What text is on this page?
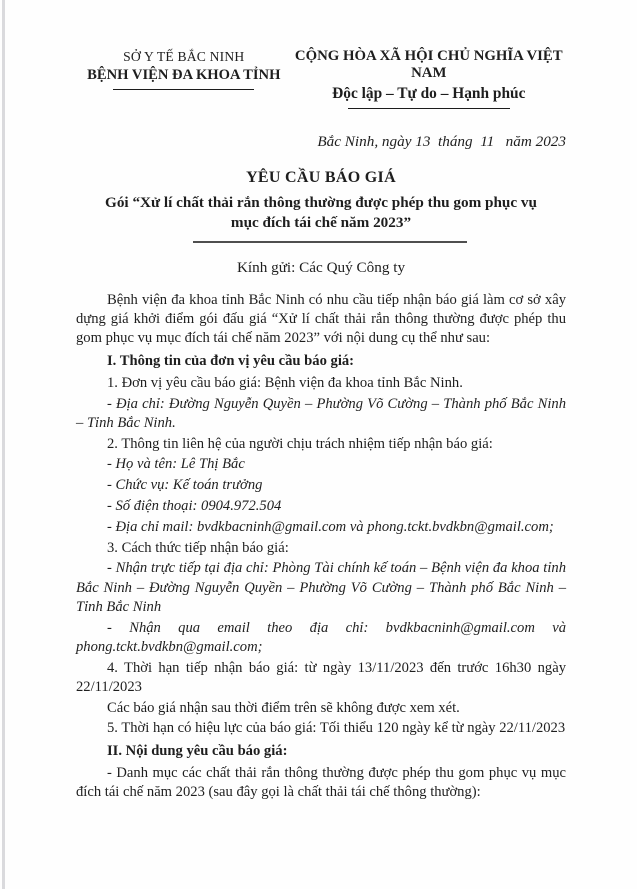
SỞ Y TẾ BẮC NINH
BỆNH VIỆN ĐA KHOA TỈNH
CỘNG HÒA XÃ HỘI CHỦ NGHĨA VIỆT NAM
Độc lập – Tự do – Hạnh phúc
Bắc Ninh, ngày 13  tháng  11   năm 2023
YÊU CẦU BÁO GIÁ
Gói “Xử lí chất thải rắn thông thường được phép thu gom phục vụ mục đích tái chế năm 2023”
Kính gửi: Các Quý Công ty

Bệnh viện đa khoa tỉnh Bắc Ninh có nhu cầu tiếp nhận báo giá làm cơ sở xây dựng giá khởi điểm gói đấu giá “Xử lí chất thải rắn thông thường được phép thu gom phục vụ mục đích tái chế năm 2023” với nội dung cụ thể như sau:

I. Thông tin của đơn vị yêu cầu báo giá:

1. Đơn vị yêu cầu báo giá: Bệnh viện đa khoa tỉnh Bắc Ninh.

- Địa chỉ: Đường Nguyễn Quyền – Phường Võ Cường – Thành phố Bắc Ninh – Tỉnh Bắc Ninh.

2. Thông tin liên hệ của người chịu trách nhiệm tiếp nhận báo giá:

- Họ và tên: Lê Thị Bắc

- Chức vụ: Kế toán trưởng

- Số điện thoại: 0904.972.504

- Địa chỉ mail: bvdkbacninh@gmail.com và phong.tckt.bvdkbn@gmail.com;

3. Cách thức tiếp nhận báo giá:

- Nhận trực tiếp tại địa chỉ: Phòng Tài chính kế toán – Bệnh viện đa khoa tỉnh Bắc Ninh – Đường Nguyễn Quyền – Phường Võ Cường – Thành phố Bắc Ninh – Tỉnh Bắc Ninh

- Nhận qua email theo địa chỉ: bvdkbacninh@gmail.com và phong.tckt.bvdkbn@gmail.com;

4. Thời hạn tiếp nhận báo giá: từ ngày 13/11/2023 đến trước 16h30 ngày 22/11/2023

Các báo giá nhận sau thời điểm trên sẽ không được xem xét.

5. Thời hạn có hiệu lực của báo giá: Tối thiểu 120 ngày kể từ ngày 22/11/2023

II. Nội dung yêu cầu báo giá:

- Danh mục các chất thải rắn thông thường được phép thu gom phục vụ mục đích tái chế năm 2023 (sau đây gọi là chất thải tái chế thông thường):
